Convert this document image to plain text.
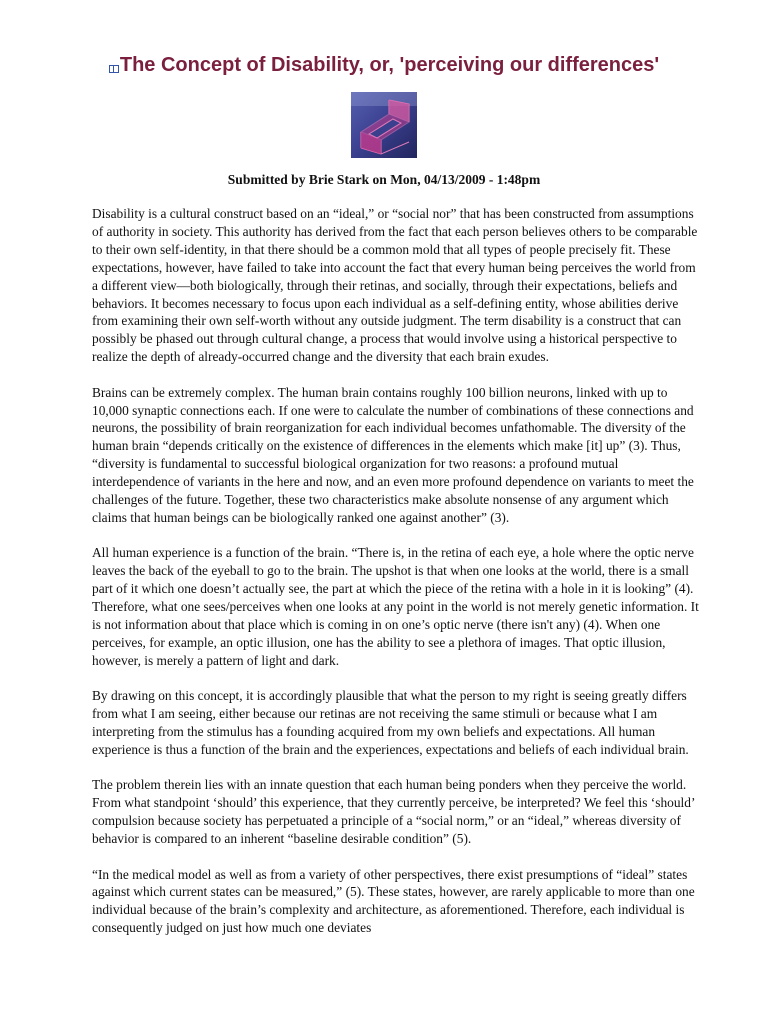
The Concept of Disability, or, 'perceiving our differences'
Submitted by Brie Stark on Mon, 04/13/2009 - 1:48pm

Disability is a cultural construct based on an “ideal,” or “social nor” that has been constructed from assumptions of authority in society. This authority has derived from the fact that each person believes others to be comparable to their own self-identity, in that there should be a common mold that all types of people precisely fit. These expectations, however, have failed to take into account the fact that every human being perceives the world from a different view—both biologically, through their retinas, and socially, through their expectations, beliefs and behaviors. It becomes necessary to focus upon each individual as a self-defining entity, whose abilities derive from examining their own self-worth without any outside judgment. The term disability is a construct that can possibly be phased out through cultural change, a process that would involve using a historical perspective to realize the depth of already-occurred change and the diversity that each brain exudes.

Brains can be extremely complex. The human brain contains roughly 100 billion neurons, linked with up to 10,000 synaptic connections each. If one were to calculate the number of combinations of these connections and neurons, the possibility of brain reorganization for each individual becomes unfathomable. The diversity of the human brain “depends critically on the existence of differences in the elements which make [it] up” (3). Thus, “diversity is fundamental to successful biological organization for two reasons: a profound mutual interdependence of variants in the here and now, and an even more profound dependence on variants to meet the challenges of the future. Together, these two characteristics make absolute nonsense of any argument which claims that human beings can be biologically ranked one against another” (3).

All human experience is a function of the brain. “There is, in the retina of each eye, a hole where the optic nerve leaves the back of the eyeball to go to the brain. The upshot is that when one looks at the world, there is a small part of it which one doesn’t actually see, the part at which the piece of the retina with a hole in it is looking” (4). Therefore, what one sees/perceives when one looks at any point in the world is not merely genetic information. It is not information about that place which is coming in on one’s optic nerve (there isn't any) (4). When one perceives, for example, an optic illusion, one has the ability to see a plethora of images. That optic illusion, however, is merely a pattern of light and dark.

By drawing on this concept, it is accordingly plausible that what the person to my right is seeing greatly differs from what I am seeing, either because our retinas are not receiving the same stimuli or because what I am interpreting from the stimulus has a founding acquired from my own beliefs and expectations. All human experience is thus a function of the brain and the experiences, expectations and beliefs of each individual brain.

The problem therein lies with an innate question that each human being ponders when they perceive the world. From what standpoint ‘should’ this experience, that they currently perceive, be interpreted? We feel this ‘should’ compulsion because society has perpetuated a principle of a “social norm,” or an “ideal,” whereas diversity of behavior is compared to an inherent “baseline desirable condition” (5).

“In the medical model as well as from a variety of other perspectives, there exist presumptions of “ideal” states against which current states can be measured,” (5). These states, however, are rarely applicable to more than one individual because of the brain’s complexity and architecture, as aforementioned. Therefore, each individual is consequently judged on just how much one deviates
